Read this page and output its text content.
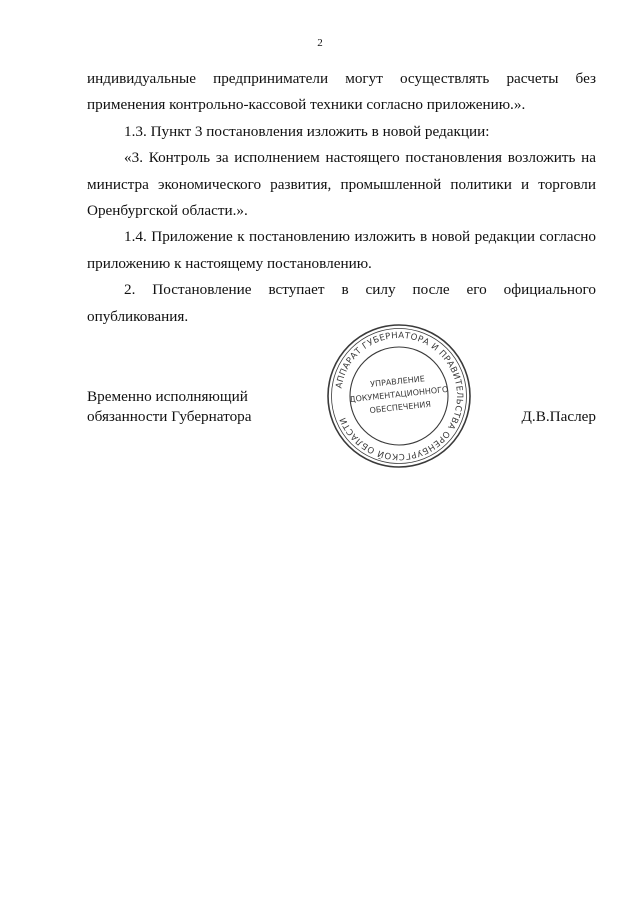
2

индивидуальные предприниматели могут осуществлять расчеты без применения контрольно-кассовой техники согласно приложению.».

1.3. Пункт 3 постановления изложить в новой редакции:

«3. Контроль за исполнением настоящего постановления возложить на министра экономического развития, промышленной политики и торговли Оренбургской области.».

1.4. Приложение к постановлению изложить в новой редакции согласно приложению к настоящему постановлению.

2. Постановление вступает в силу после его официального опубликования.

АППАРАТ ГУБЕРНАТОРА И ПРАВИТЕЛЬСТВА ОРЕНБУРГСКОЙ ОБЛАСТИ
УПРАВЛЕНИЕ
ДОКУМЕНТАЦИОННОГО
ОБЕСПЕЧЕНИЯ
Временно исполняющий
обязанности Губернатора	Д.В.Паслер
